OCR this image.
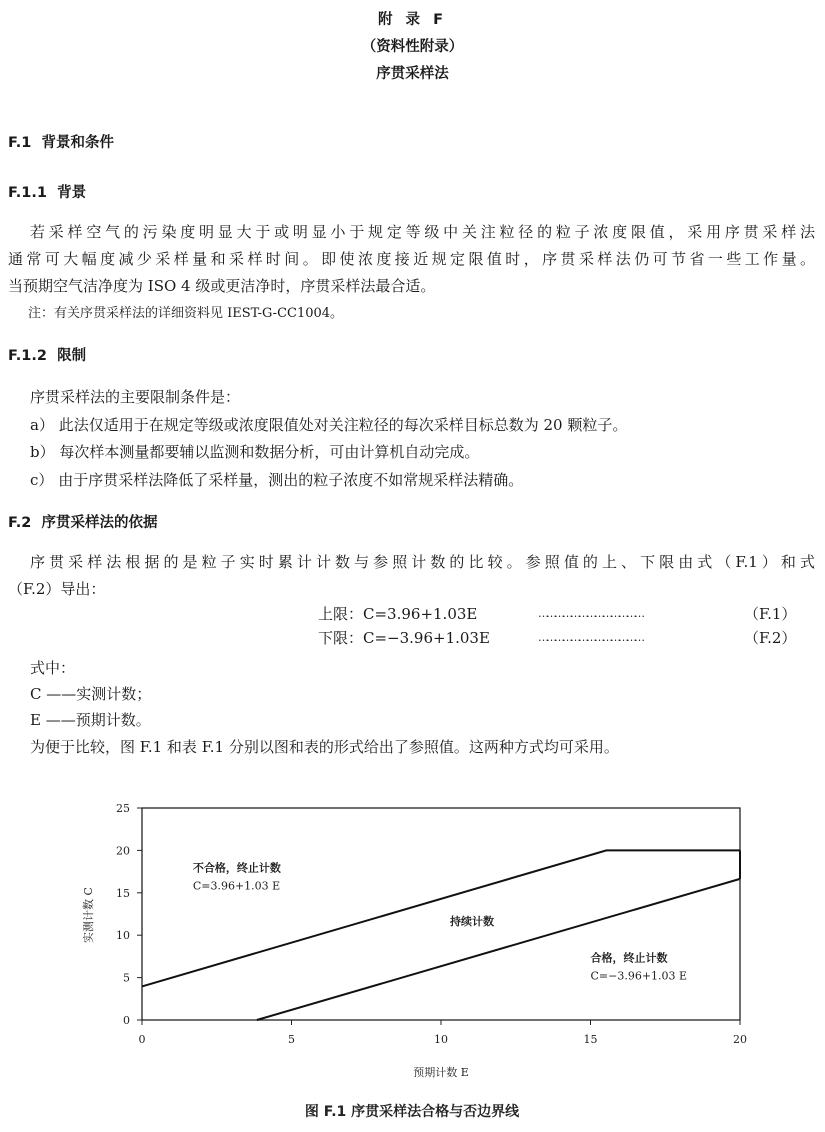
附 录 F
（资料性附录）
序贯采样法
F.1 背景和条件
F.1.1 背景
若采样空气的污染度明显大于或明显小于规定等级中关注粒径的粒子浓度限值，采用序贯采样法
通常可大幅度减少采样量和采样时间。即使浓度接近规定限值时，序贯采样法仍可节省一些工作量。
当预期空气洁净度为 ISO 4 级或更洁净时，序贯采样法最合适。
注：有关序贯采样法的详细资料见 IEST-G-CC1004。
F.1.2 限制
序贯采样法的主要限制条件是：
a） 此法仅适用于在规定等级或浓度限值处对关注粒径的每次采样目标总数为 20 颗粒子。
b） 每次样本测量都要辅以监测和数据分析，可由计算机自动完成。
c） 由于序贯采样法降低了采样量，测出的粒子浓度不如常规采样法精确。
F.2 序贯采样法的依据
序贯采样法根据的是粒子实时累计计数与参照计数的比较。参照值的上、下限由式（F.1）和式
（F.2）导出：
上限：C=3.96+1.03E	…………………………………	（F.1）
下限：C=−3.96+1.03E	…………………………………	（F.2）
式中：
C ——实测计数；
E ——预期计数。
为便于比较，图 F.1 和表 F.1 分别以图和表的形式给出了参照值。这两种方式均可采用。
0	5	10	15	20
0
5
10
15
20
25
不合格，终止计数
C=3.96+1.03 E
持续计数
合格，终止计数
C=−3.96+1.03 E
预期计数 E
实测计数 C
图 F.1 序贯采样法合格与否边界线
